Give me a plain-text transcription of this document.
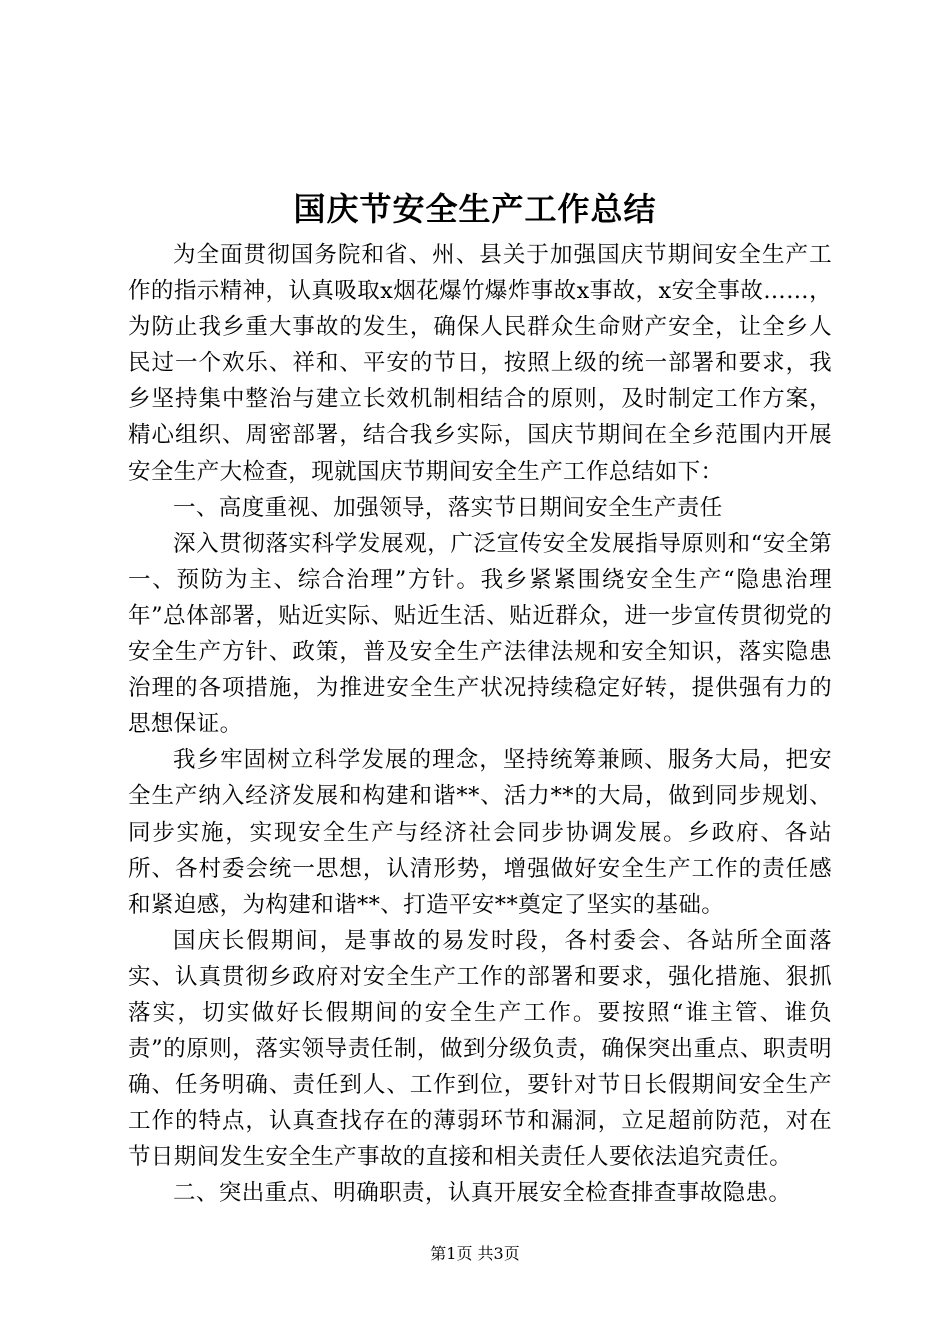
国庆节安全生产工作总结

为全面贯彻国务院和省、州、县关于加强国庆节期间安全生产工作的指示精神，认真吸取x烟花爆竹爆炸事故x事故，x安全事故……，为防止我乡重大事故的发生，确保人民群众生命财产安全，让全乡人民过一个欢乐、祥和、平安的节日，按照上级的统一部署和要求，我乡坚持集中整治与建立长效机制相结合的原则，及时制定工作方案，精心组织、周密部署，结合我乡实际，国庆节期间在全乡范围内开展安全生产大检查，现就国庆节期间安全生产工作总结如下：

一、高度重视、加强领导，落实节日期间安全生产责任

深入贯彻落实科学发展观，广泛宣传安全发展指导原则和“安全第一、预防为主、综合治理”方针。我乡紧紧围绕安全生产“隐患治理年”总体部署，贴近实际、贴近生活、贴近群众，进一步宣传贯彻党的安全生产方针、政策，普及安全生产法律法规和安全知识，落实隐患治理的各项措施，为推进安全生产状况持续稳定好转，提供强有力的思想保证。

我乡牢固树立科学发展的理念，坚持统筹兼顾、服务大局，把安全生产纳入经济发展和构建和谐**、活力**的大局，做到同步规划、同步实施，实现安全生产与经济社会同步协调发展。乡政府、各站所、各村委会统一思想，认清形势，增强做好安全生产工作的责任感和紧迫感，为构建和谐**、打造平安**奠定了坚实的基础。

国庆长假期间，是事故的易发时段，各村委会、各站所全面落实、认真贯彻乡政府对安全生产工作的部署和要求，强化措施、狠抓落实，切实做好长假期间的安全生产工作。要按照“谁主管、谁负责”的原则，落实领导责任制，做到分级负责，确保突出重点、职责明确、任务明确、责任到人、工作到位，要针对节日长假期间安全生产工作的特点，认真查找存在的薄弱环节和漏洞，立足超前防范，对在节日期间发生安全生产事故的直接和相关责任人要依法追究责任。

二、突出重点、明确职责，认真开展安全检查排查事故隐患。

第1页 共3页
